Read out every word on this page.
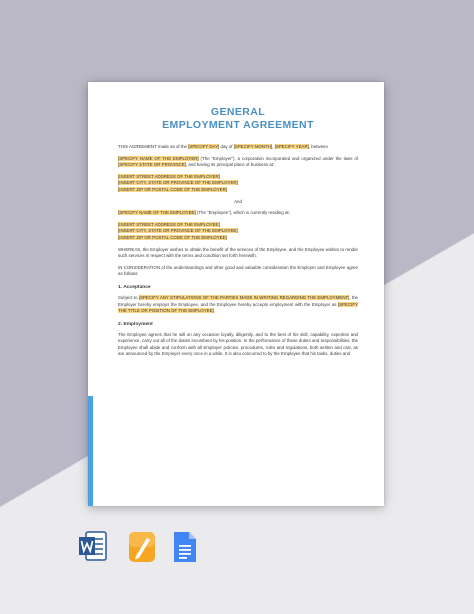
GENERAL
EMPLOYMENT AGREEMENT

THIS AGREEMENT made as of the [SPECIFY DAY] day of [SPECIFY MONTH], [SPECIFY YEAR], between

[SPECIFY NAME OF THE EMPLOYER] (The “Employer”), a corporation incorporated and organized under the laws of [SPECIFY STATE OR PROVINCE], and having its principal place of business at:

[INSERT STREET ADDRESS OF THE EMPLOYER]
[INSERT CITY, STATE OR PROVINCE OF THE EMPLOYER]
[INSERT ZIP OR POSTAL CODE OF THE EMPLOYER]

And

[SPECIFY NAME OF THE EMPLOYEE] (The “Employee”), which is currently residing at:

[INSERT STREET ADDRESS OF THE EMPLOYEE]
[INSERT CITY, STATE OR PROVINCE OF THE EMPLOYEE]
[INSERT ZIP OR POSTAL CODE OF THE EMPLOYEE]

WHEREAS, the Employer wishes to obtain the benefit of the services of the Employee, and the Employee wishes to render such services in respect with the terms and condition set forth herewith.

IN CONSIDERATION of the understandings and other good and valuable consideration the Employer and Employee agree as follows:

1. Acceptance

Subject to [SPECIFY ANY STIPULATIONS OF THE PARTIES MADE IN WRITING REGARDING THE EMPLOYMENT], the Employer hereby employs the Employee, and the Employee hereby accepts employment with the Employer as [SPECIFY THE TITLE OR POSITION OF THE EMPLOYEE].

2. Employment

The Employee agrees that he will on any occasion loyally, diligently, and to the best of his skill, capability, expertise and experience, carry out all of the duties incumbent by his position. In the performance of these duties and responsibilities, the Employee shall abide and conform with all Employer policies, procedures, rules and regulations, both written and oral, as are announced by the Employer every once in a while. It is also concurred to by the Employee that his tasks, duties and
